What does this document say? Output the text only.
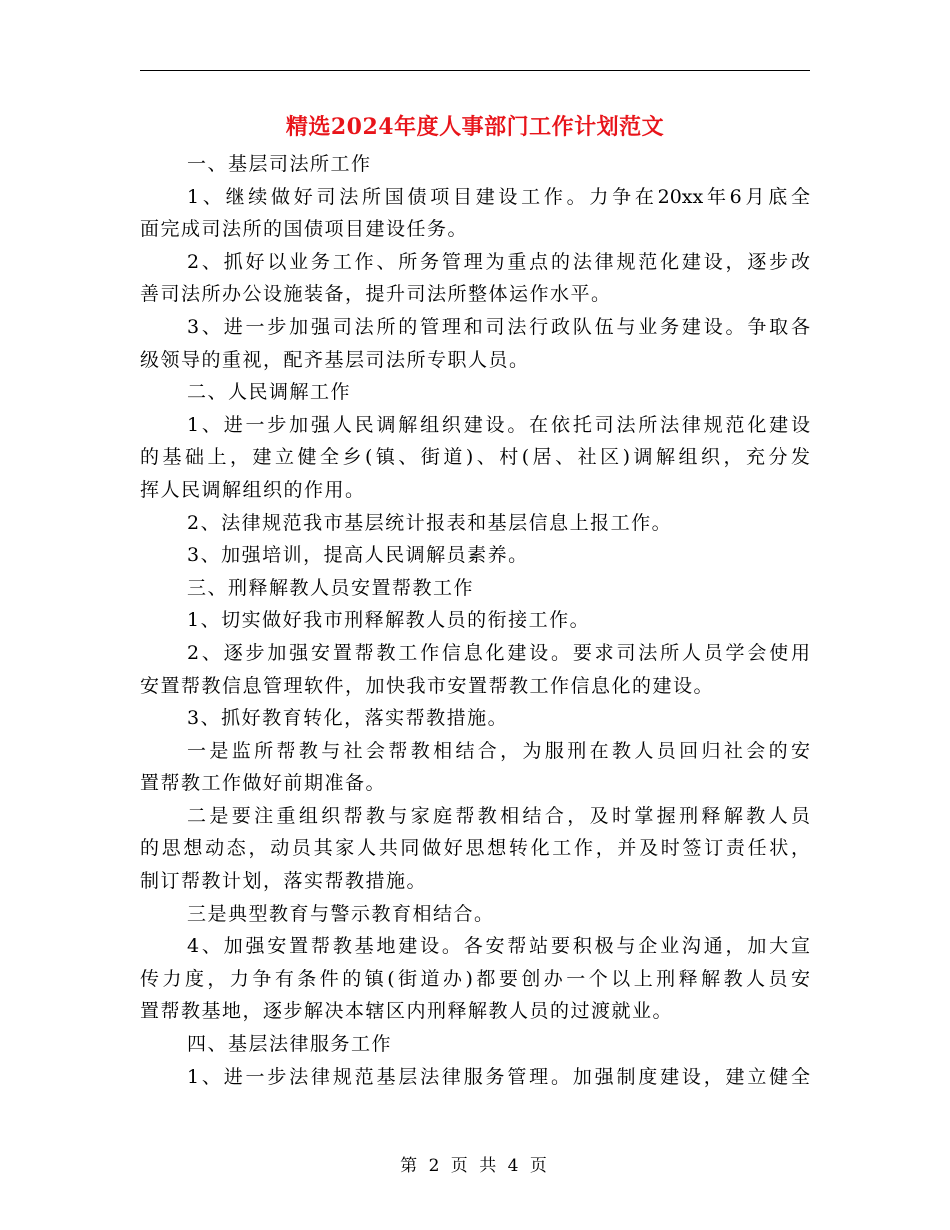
精选2024年度人事部门工作计划范文
一、基层司法所工作
1、继续做好司法所国债项目建设工作。力争在20xx年6月底全
面完成司法所的国债项目建设任务。
2、抓好以业务工作、所务管理为重点的法律规范化建设，逐步改
善司法所办公设施装备，提升司法所整体运作水平。
3、进一步加强司法所的管理和司法行政队伍与业务建设。争取各
级领导的重视，配齐基层司法所专职人员。
二、人民调解工作
1、进一步加强人民调解组织建设。在依托司法所法律规范化建设
的基础上，建立健全乡(镇、街道)、村(居、社区)调解组织，充分发
挥人民调解组织的作用。
2、法律规范我市基层统计报表和基层信息上报工作。
3、加强培训，提高人民调解员素养。
三、刑释解教人员安置帮教工作
1、切实做好我市刑释解教人员的衔接工作。
2、逐步加强安置帮教工作信息化建设。要求司法所人员学会使用
安置帮教信息管理软件，加快我市安置帮教工作信息化的建设。
3、抓好教育转化，落实帮教措施。
一是监所帮教与社会帮教相结合，为服刑在教人员回归社会的安
置帮教工作做好前期准备。
二是要注重组织帮教与家庭帮教相结合，及时掌握刑释解教人员
的思想动态，动员其家人共同做好思想转化工作，并及时签订责任状，
制订帮教计划，落实帮教措施。
三是典型教育与警示教育相结合。
4、加强安置帮教基地建设。各安帮站要积极与企业沟通，加大宣
传力度，力争有条件的镇(街道办)都要创办一个以上刑释解教人员安
置帮教基地，逐步解决本辖区内刑释解教人员的过渡就业。
四、基层法律服务工作
1、进一步法律规范基层法律服务管理。加强制度建设，建立健全
第 2 页 共 4 页
